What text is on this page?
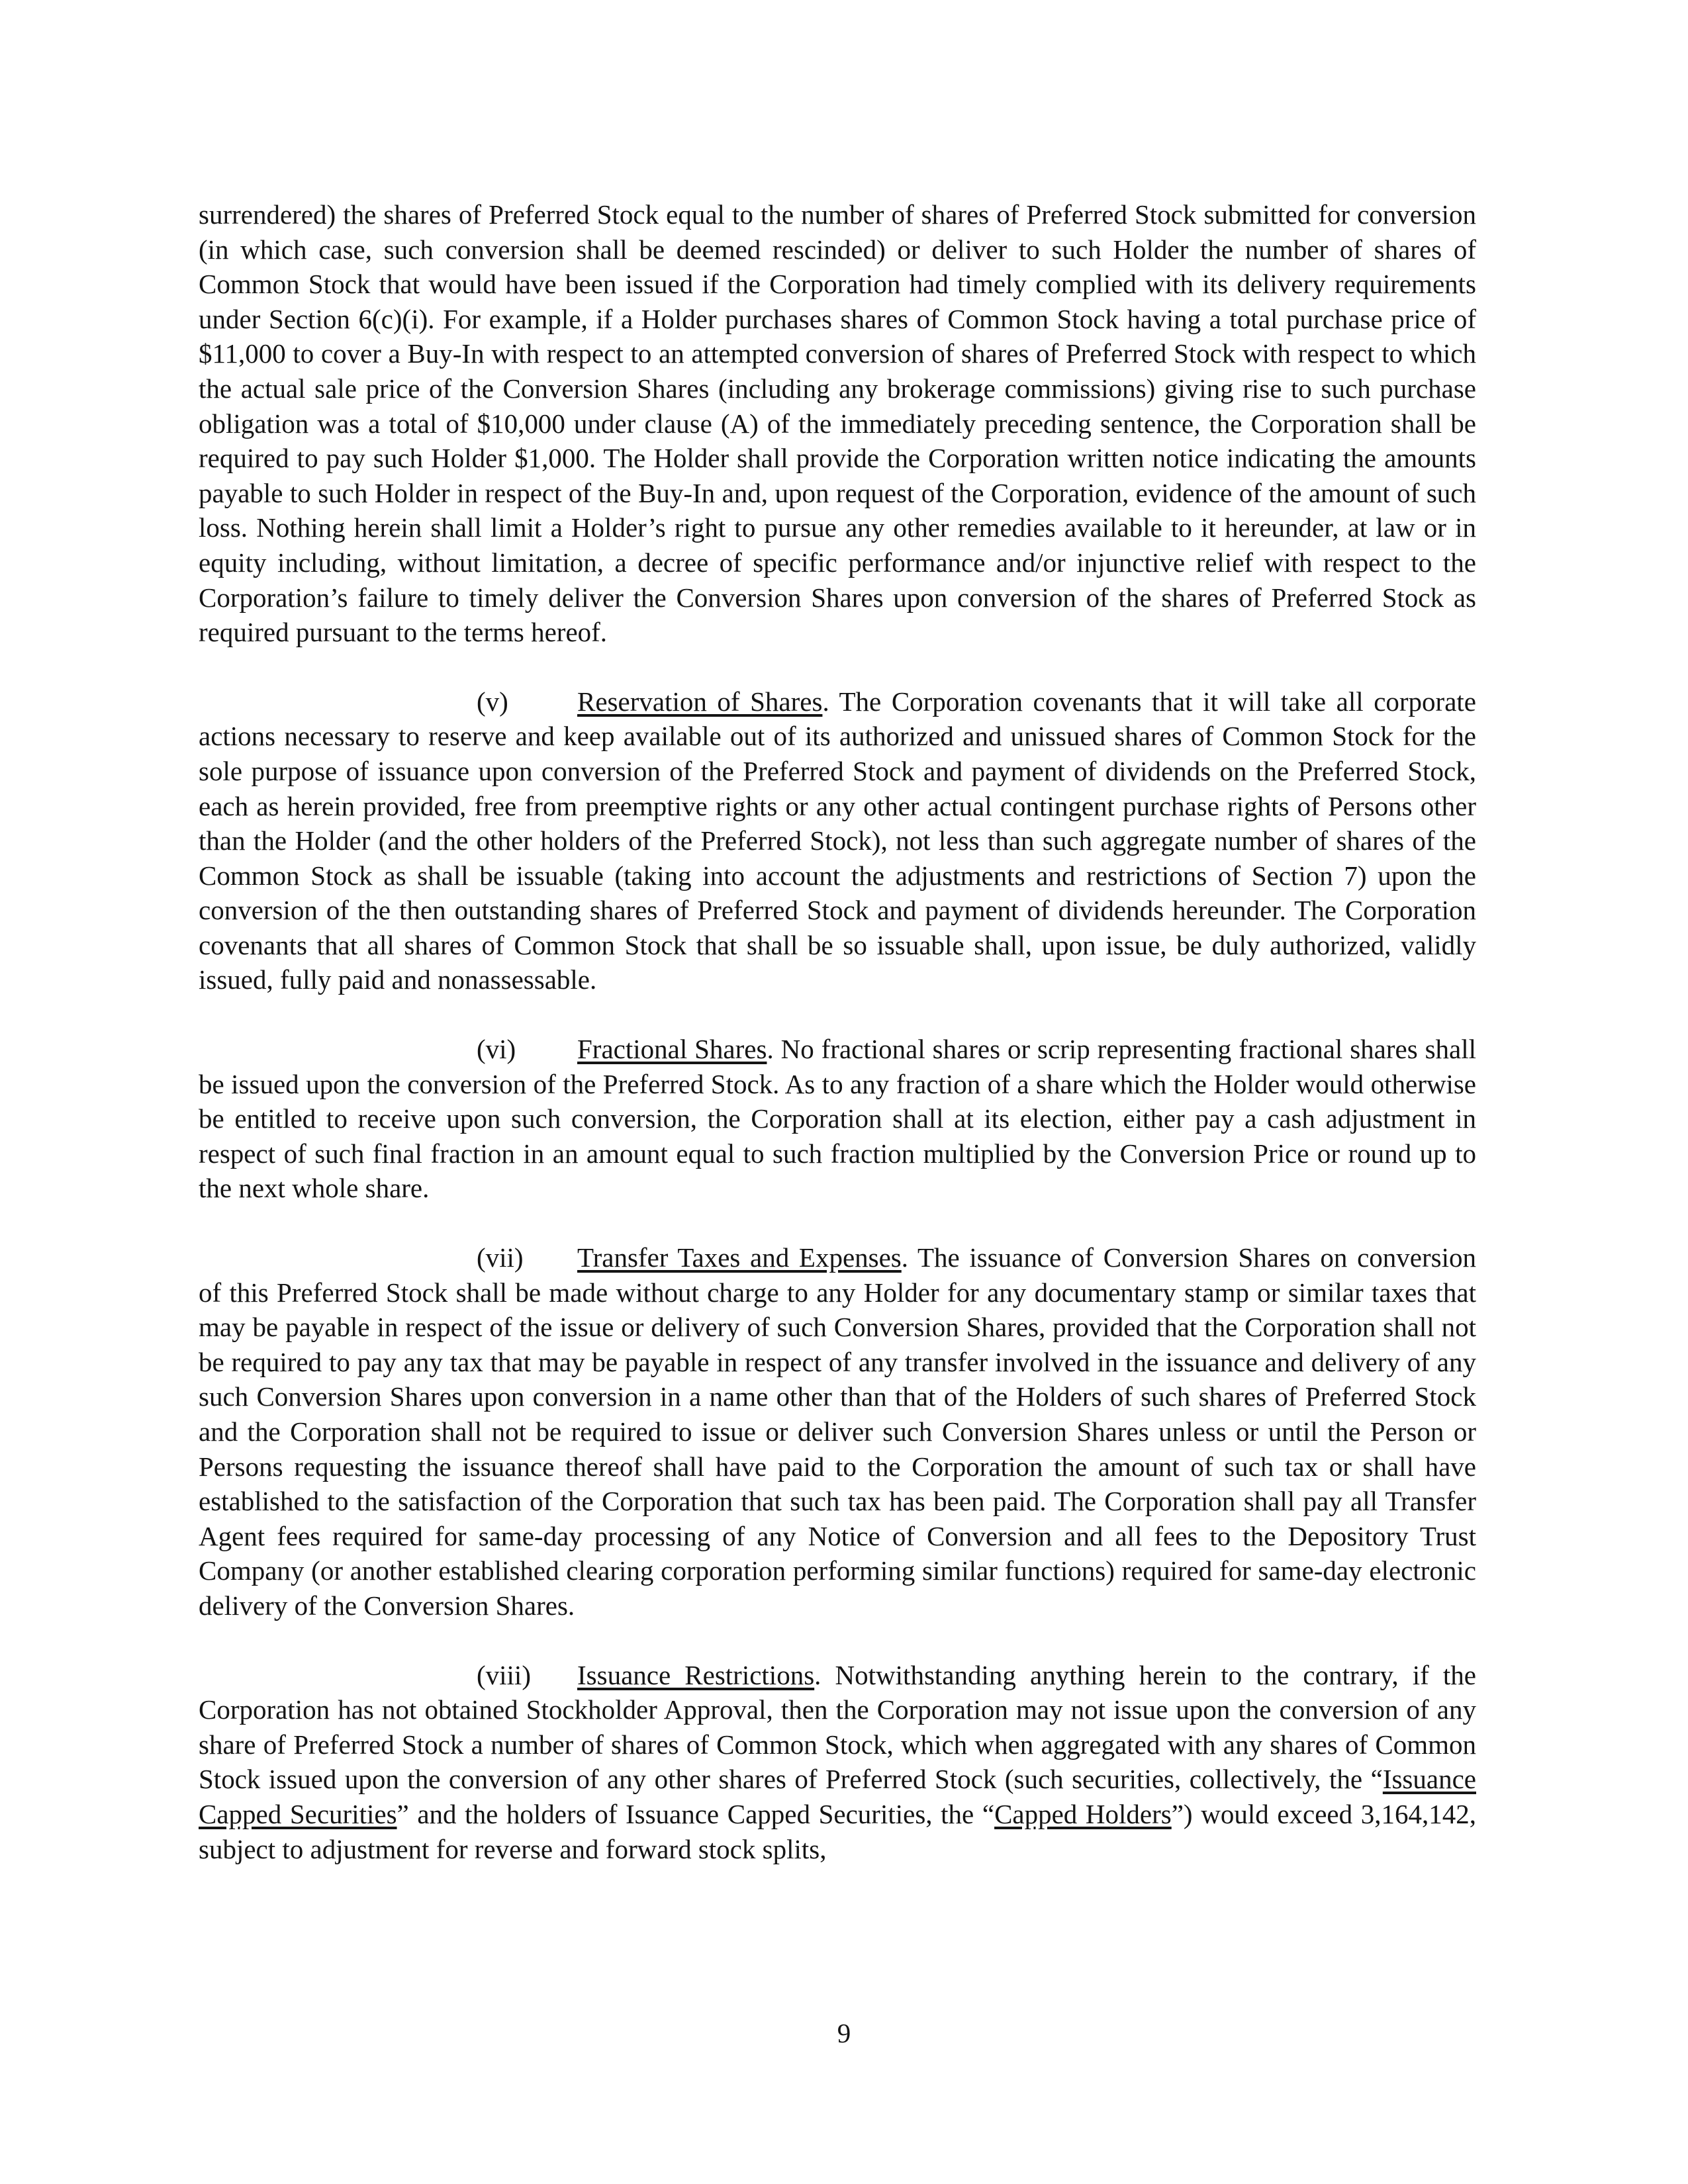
surrendered) the shares of Preferred Stock equal to the number of shares of Preferred Stock submitted for conversion (in which case, such conversion shall be deemed rescinded) or deliver to such Holder the number of shares of Common Stock that would have been issued if the Corporation had timely complied with its delivery requirements under Section 6(c)(i). For example, if a Holder purchases shares of Common Stock having a total purchase price of $11,000 to cover a Buy-In with respect to an attempted conversion of shares of Preferred Stock with respect to which the actual sale price of the Conversion Shares (including any brokerage commissions) giving rise to such purchase obligation was a total of $10,000 under clause (A) of the immediately preceding sentence, the Corporation shall be required to pay such Holder $1,000. The Holder shall provide the Corporation written notice indicating the amounts payable to such Holder in respect of the Buy-In and, upon request of the Corporation, evidence of the amount of such loss. Nothing herein shall limit a Holder’s right to pursue any other remedies available to it hereunder, at law or in equity including, without limitation, a decree of specific performance and/or injunctive relief with respect to the Corporation’s failure to timely deliver the Conversion Shares upon conversion of the shares of Preferred Stock as required pursuant to the terms hereof.

(v)	Reservation of Shares. The Corporation covenants that it will take all corporate actions necessary to reserve and keep available out of its authorized and unissued shares of Common Stock for the sole purpose of issuance upon conversion of the Preferred Stock and payment of dividends on the Preferred Stock, each as herein provided, free from preemptive rights or any other actual contingent purchase rights of Persons other than the Holder (and the other holders of the Preferred Stock), not less than such aggregate number of shares of the Common Stock as shall be issuable (taking into account the adjustments and restrictions of Section 7) upon the conversion of the then outstanding shares of Preferred Stock and payment of dividends hereunder. The Corporation covenants that all shares of Common Stock that shall be so issuable shall, upon issue, be duly authorized, validly issued, fully paid and nonassessable.

(vi) Fractional Shares. No fractional shares or scrip representing fractional shares shall be issued upon the conversion of the Preferred Stock. As to any fraction of a share which the Holder would otherwise be entitled to receive upon such conversion, the Corporation shall at its election, either pay a cash adjustment in respect of such final fraction in an amount equal to such fraction multiplied by the Conversion Price or round up to the next whole share.

(vii) Transfer Taxes and Expenses. The issuance of Conversion Shares on conversion of this Preferred Stock shall be made without charge to any Holder for any documentary stamp or similar taxes that may be payable in respect of the issue or delivery of such Conversion Shares, provided that the Corporation shall not be required to pay any tax that may be payable in respect of any transfer involved in the issuance and delivery of any such Conversion Shares upon conversion in a name other than that of the Holders of such shares of Preferred Stock and the Corporation shall not be required to issue or deliver such Conversion Shares unless or until the Person or Persons requesting the issuance thereof shall have paid to the Corporation the amount of such tax or shall have established to the satisfaction of the Corporation that such tax has been paid. The Corporation shall pay all Transfer Agent fees required for same-day processing of any Notice of Conversion and all fees to the Depository Trust Company (or another established clearing corporation performing similar functions) required for same-day electronic delivery of the Conversion Shares.

(viii) Issuance Restrictions. Notwithstanding anything herein to the contrary, if the Corporation has not obtained Stockholder Approval, then the Corporation may not issue upon the conversion of any share of Preferred Stock a number of shares of Common Stock, which when aggregated with any shares of Common Stock issued upon the conversion of any other shares of Preferred Stock (such securities, collectively, the “Issuance Capped Securities” and the holders of Issuance Capped Securities, the “Capped Holders”) would exceed 3,164,142, subject to adjustment for reverse and forward stock splits,

9
